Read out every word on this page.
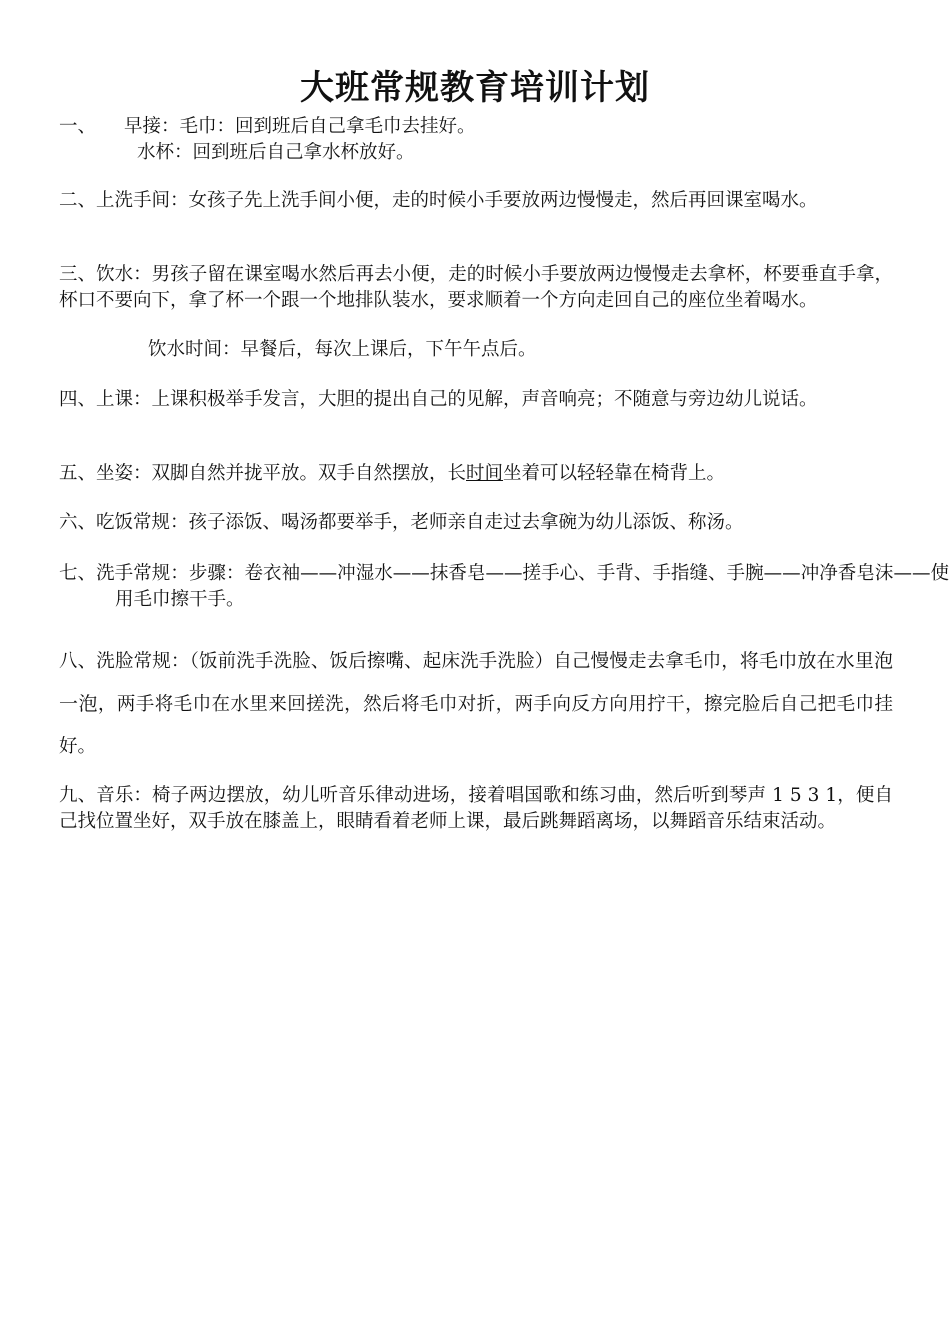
大班常规教育培训计划
一、 早接：毛巾：回到班后自己拿毛巾去挂好。
水杯：回到班后自己拿水杯放好。
二、上洗手间：女孩子先上洗手间小便，走的时候小手要放两边慢慢走，然后再回课室喝水。
三、饮水：男孩子留在课室喝水然后再去小便，走的时候小手要放两边慢慢走去拿杯，杯要垂直手拿，杯口不要向下，拿了杯一个跟一个地排队装水，要求顺着一个方向走回自己的座位坐着喝水。
饮水时间：早餐后，每次上课后，下午午点后。
四、上课：上课积极举手发言，大胆的提出自己的见解，声音响亮；不随意与旁边幼儿说话。
五、坐姿：双脚自然并拢平放。双手自然摆放，长时间坐着可以轻轻靠在椅背上。
六、吃饭常规：孩子添饭、喝汤都要举手，老师亲自走过去拿碗为幼儿添饭、称汤。
七、洗手常规：步骤：卷衣袖——冲湿水——抹香皂——搓手心、手背、手指缝、手腕——冲净香皂沫——使用毛巾擦干手。
八、洗脸常规：（饭前洗手洗脸、饭后擦嘴、起床洗手洗脸）自己慢慢走去拿毛巾，将毛巾放在水里泡一泡，两手将毛巾在水里来回搓洗，然后将毛巾对折，两手向反方向用拧干，擦完脸后自己把毛巾挂好。
九、音乐：椅子两边摆放，幼儿听音乐律动进场，接着唱国歌和练习曲，然后听到琴声 1 5 3 1，便自己找位置坐好，双手放在膝盖上，眼睛看着老师上课，最后跳舞蹈离场，以舞蹈音乐结束活动。
